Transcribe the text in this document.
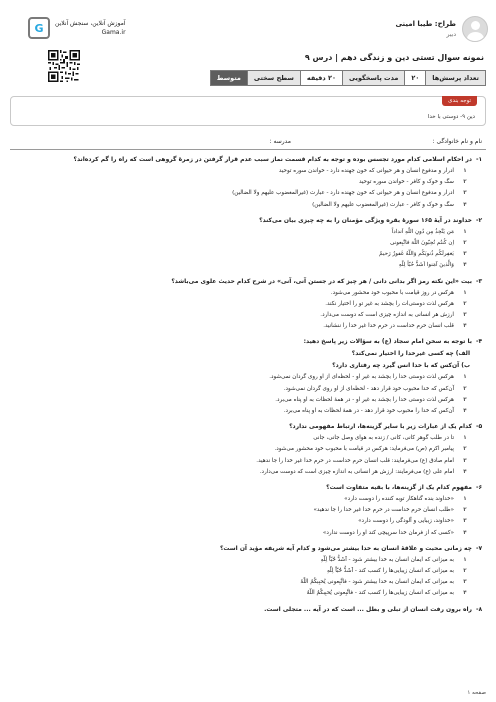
طراح: طیبا امینی
دبیر
آموزش آنلاین، سنجش آنلاین
Gama.ir
G
نمونه سوال تستی دین و زندگی دهم | درس ۹
تعداد پرسش‌ها
۲۰
مدت پاسخگویی
۲۰ دقیقه
سطح سختی
متوسط
توجه بندی
دین ۹- دوستی با خدا
نام و نام خانوادگی :
مدرسه :
۱-
در احکام اسلامی کدام مورد تجسس بوده و توجه به کدام قسمت نماز سبب عدم قرار گرفتن در زمرهٔ گروهی است که راه را گم کرده‌اند؟
۱
ادرار و مدفوع انسان و هر حیوانی که خون جهنده دارد - خواندن سوره توحید
۲
سگ و خوک و کافر - خواندن سوره توحید
۳
ادرار و مدفوع انسان و هر حیوانی که خون جهنده دارد - عبارت (غیرالمغضوب علیهم ولا الضالین)
۴
سگ و خوک و کافر - عبارت (غیرالمغضوب علیهم ولا الضالین)
۲-
خداوند در آیهٔ ۱۶۵ سورهٔ بقره ویژگی مؤمنان را به چه چیزی بیان می‌کند؟
۱
مَن یَتَّخِذُ مِن دُونِ اللّهِ اَنداداً
۲
اِن کُنتُم تُحِبّونَ اللّهَ فاتَّبِعونی
۳
یَغفِرلَکُم ذُنوبَکُم وَاللّهُ غَفورٌ رَحیمٌ
۴
وَالَّذینَ آمَنوا اَشَدُّ حُبّاً لِلّهِ
۳-
بیت «این نکته رمز اگر بدانی دانی / هر چیز که در جستن آنی، آنی» در شرح کدام حدیث علوی می‌باشد؟
۱
هرکس در روز قیامت با محبوب خود محشور می‌شود.
۲
هرکس لذت دوستی‌ات را بچشد به غیر تو را اختیار نکند.
۳
ارزش هر انسانی به اندازه چیزی است که دوست می‌دارد.
۴
قلب انسان حرم خداست در حرم خدا غیر خدا را ننشانید.
۴-
با توجه به سخن امام سجاد (ع) به سؤالات زیر پاسخ دهید:
الف) چه کسی غیرخدا را اختیار نمی‌کند؟
ب) آن‌کس که با خدا انس گیرد چه رفتاری دارد؟
۱
هرکس لذت دوستی خدا را بچشد به غیر او - لحظه‌ای از او روی گردان نمی‌شود.
۲
آن‌کس که خدا محبوب خود قرار دهد - لحظه‌ای از او روی گردان نمی‌شود.
۳
هرکس لذت دوستی خدا را بچشد به غیر او - در همهٔ لحظات به او پناه می‌برد.
۴
آن‌کس که خدا را محبوب خود قرار دهد - در همهٔ لحظات به او پناه می‌برد.
۵-
کدام یک از عبارات زیر با سایر گزینه‌ها، ارتباط مفهومی ندارد؟
۱
تا در طلب گوهر کانی، کانی / زنده به هوای وصل جانی، جانی
۲
پیامبر اکرم (ص) می‌فرماید: هرکس در قیامت با محبوب خود محشور می‌شود.
۳
امام صادق (ع) می‌فرمایند: قلب انسان حرم خداست در حرم خدا غیر خدا را جا ندهید.
۴
امام علی (ع) می‌فرمایند: ارزش هر انسانی به اندازه چیزی است که دوست می‌دارد.
۶-
مفهوم کدام یک از گزینه‌ها، با بقیه متفاوت است؟
۱
«خداوند بنده گناهکار توبه کننده را دوست دارد»
۲
«طلب انسان حرم خداست در حرم خدا غیر خدا را جا ندهید»
۳
«خداوند، زیبایی و آلودگی را دوست دارد»
۴
«کسی که از فرمان خدا سرپیچی کند او را دوست ندارد»
۷-
چه زمانی محبت و علاقهٔ انسان به خدا بیشتر می‌شود و کدام آیه شریفه مؤید آن است؟
۱
به میزانی که ایمان انسان به خدا بیشتر شود - اَشَدُّ حُبّاً لِلّهِ
۲
به میزانی که انسان زیبایی‌ها را کسب کند - اَشَدُّ حُبّاً لِلّهِ
۳
به میزانی که ایمان انسان به خدا بیشتر شود - فاتَّبِعونی یُحبِبکُمُ اللّهُ
۴
به میزانی که انسان زیبایی‌ها را کسب کند - فاتَّبِعونی یُحبِبکُمُ اللّهُ
۸-
راه برون رفت انسان از تبلی و بطل ... است که در آیه ... متجلی است.
صفحه ۱
